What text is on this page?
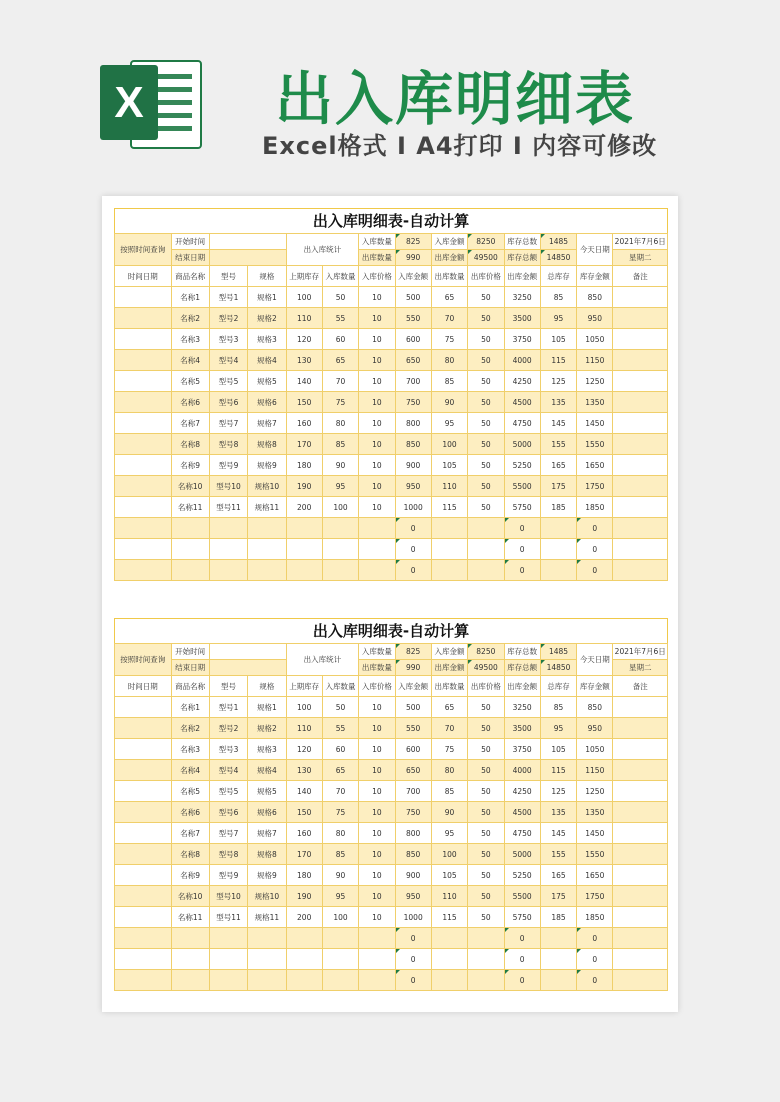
X 出入库明细表
Excel格式 I A4打印 I 内容可修改
出入库明细表-自动计算
按照时间查询	开始时间			出入库统计		入库数量	825	入库金额	8250	库存总数	1485	今天日期	2021年7月6日
	结束日期					出库数量	990	出库金额	49500	库存总额	14850		星期二
时间日期	商品名称	型号	规格	上期库存	入库数量	入库价格	入库金额	出库数量	出库价格	出库金额	总库存	库存金额	备注
	名称1	型号1	规格1	100	50	10	500	65	50	3250	85	850	
	名称2	型号2	规格2	110	55	10	550	70	50	3500	95	950	
	名称3	型号3	规格3	120	60	10	600	75	50	3750	105	1050	
	名称4	型号4	规格4	130	65	10	650	80	50	4000	115	1150	
	名称5	型号5	规格5	140	70	10	700	85	50	4250	125	1250	
	名称6	型号6	规格6	150	75	10	750	90	50	4500	135	1350	
	名称7	型号7	规格7	160	80	10	800	95	50	4750	145	1450	
	名称8	型号8	规格8	170	85	10	850	100	50	5000	155	1550	
	名称9	型号9	规格9	180	90	10	900	105	50	5250	165	1650	
	名称10	型号10	规格10	190	95	10	950	110	50	5500	175	1750	
	名称11	型号11	规格11	200	100	10	1000	115	50	5750	185	1850	
							0			0		0	
							0			0		0	
							0			0		0	
出入库明细表-自动计算
按照时间查询	开始时间			出入库统计		入库数量	825	入库金额	8250	库存总数	1485	今天日期	2021年7月6日
	结束日期					出库数量	990	出库金额	49500	库存总额	14850		星期二
时间日期	商品名称	型号	规格	上期库存	入库数量	入库价格	入库金额	出库数量	出库价格	出库金额	总库存	库存金额	备注
	名称1	型号1	规格1	100	50	10	500	65	50	3250	85	850	
	名称2	型号2	规格2	110	55	10	550	70	50	3500	95	950	
	名称3	型号3	规格3	120	60	10	600	75	50	3750	105	1050	
	名称4	型号4	规格4	130	65	10	650	80	50	4000	115	1150	
	名称5	型号5	规格5	140	70	10	700	85	50	4250	125	1250	
	名称6	型号6	规格6	150	75	10	750	90	50	4500	135	1350	
	名称7	型号7	规格7	160	80	10	800	95	50	4750	145	1450	
	名称8	型号8	规格8	170	85	10	850	100	50	5000	155	1550	
	名称9	型号9	规格9	180	90	10	900	105	50	5250	165	1650	
	名称10	型号10	规格10	190	95	10	950	110	50	5500	175	1750	
	名称11	型号11	规格11	200	100	10	1000	115	50	5750	185	1850	
							0			0		0	
							0			0		0	
							0			0		0	
